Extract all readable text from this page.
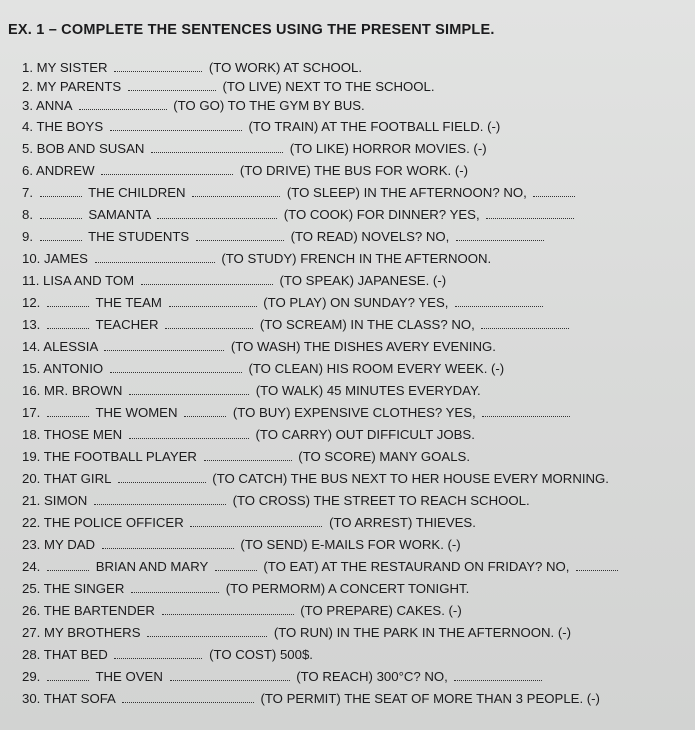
EX. 1 – COMPLETE THE SENTENCES USING THE PRESENT SIMPLE.
1. MY SISTER	(TO WORK) AT SCHOOL.
2. MY PARENTS	(TO LIVE) NEXT TO THE SCHOOL.
3. ANNA	(TO GO) TO THE GYM BY BUS.
4. THE BOYS	(TO TRAIN) AT THE FOOTBALL FIELD. (-)
5. BOB AND SUSAN	(TO LIKE) HORROR MOVIES. (-)
6. ANDREW	(TO DRIVE) THE BUS FOR WORK. (-)
7.	THE CHILDREN	(TO SLEEP) IN THE AFTERNOON? NO,
8.	SAMANTA	(TO COOK) FOR DINNER? YES,
9.	THE STUDENTS	(TO READ) NOVELS? NO,
10. JAMES	(TO STUDY) FRENCH IN THE AFTERNOON.
11. LISA AND TOM	(TO SPEAK) JAPANESE. (-)
12.	THE TEAM	(TO PLAY) ON SUNDAY? YES,
13.	TEACHER	(TO SCREAM) IN THE CLASS? NO,
14. ALESSIA	(TO WASH) THE DISHES AVERY EVENING.
15. ANTONIO	(TO CLEAN) HIS ROOM EVERY WEEK. (-)
16. MR. BROWN	(TO WALK) 45 MINUTES EVERYDAY.
17.	THE WOMEN	(TO BUY) EXPENSIVE CLOTHES? YES,
18. THOSE MEN	(TO CARRY) OUT DIFFICULT JOBS.
19. THE FOOTBALL PLAYER	(TO SCORE) MANY GOALS.
20. THAT GIRL	(TO CATCH) THE BUS NEXT TO HER HOUSE EVERY MORNING.
21. SIMON	(TO CROSS) THE STREET TO REACH SCHOOL.
22. THE POLICE OFFICER	(TO ARREST) THIEVES.
23. MY DAD	(TO SEND) E-MAILS FOR WORK. (-)
24.	BRIAN AND MARY	(TO EAT) AT THE RESTAURAND ON FRIDAY? NO,
25. THE SINGER	(TO PERMORM) A CONCERT TONIGHT.
26. THE BARTENDER	(TO PREPARE) CAKES. (-)
27. MY BROTHERS	(TO RUN) IN THE PARK IN THE AFTERNOON. (-)
28. THAT BED	(TO COST) 500$.
29.	THE OVEN	(TO REACH) 300°C? NO,
30. THAT SOFA	(TO PERMIT) THE SEAT OF MORE THAN 3 PEOPLE. (-)
